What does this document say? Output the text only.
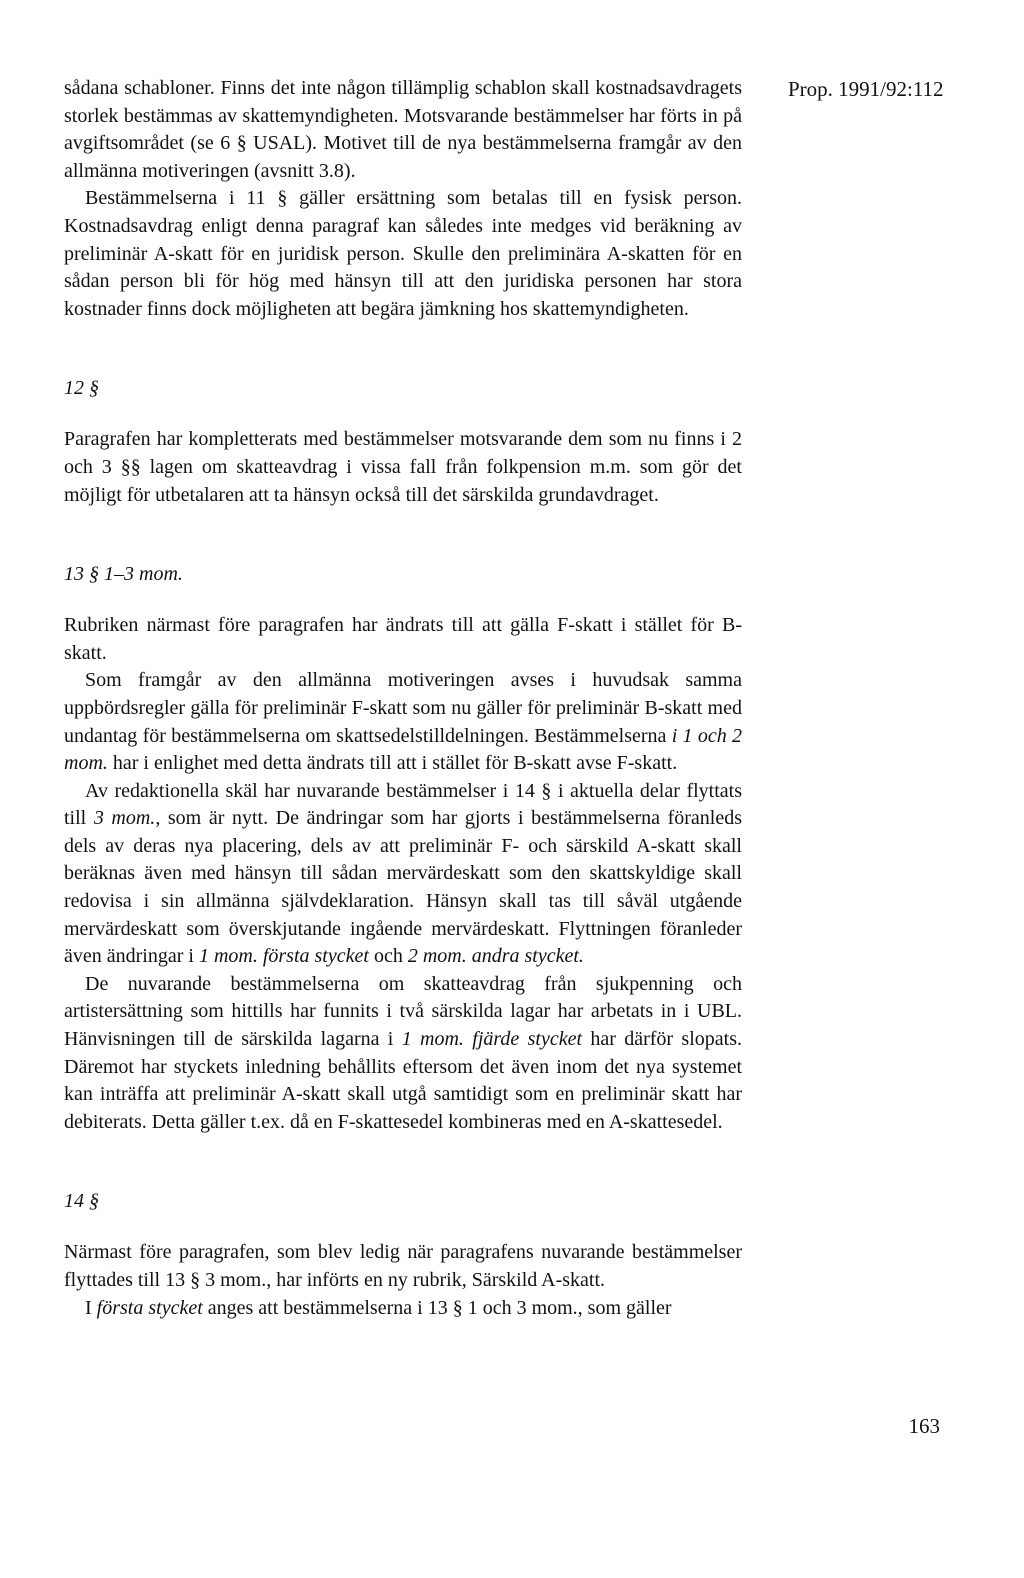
Prop. 1991/92:112

sådana schabloner. Finns det inte någon tillämplig schablon skall kostnadsavdragets storlek bestämmas av skattemyndigheten. Motsvarande bestämmelser har förts in på avgiftsområdet (se 6 § USAL). Motivet till de nya bestämmelserna framgår av den allmänna motiveringen (avsnitt 3.8).

Bestämmelserna i 11 § gäller ersättning som betalas till en fysisk person. Kostnadsavdrag enligt denna paragraf kan således inte medges vid beräkning av preliminär A-skatt för en juridisk person. Skulle den preliminära A-skatten för en sådan person bli för hög med hänsyn till att den juridiska personen har stora kostnader finns dock möjligheten att begära jämkning hos skattemyndigheten.

12 §

Paragrafen har kompletterats med bestämmelser motsvarande dem som nu finns i 2 och 3 §§ lagen om skatteavdrag i vissa fall från folkpension m.m. som gör det möjligt för utbetalaren att ta hänsyn också till det särskilda grundavdraget.

13 § 1–3 mom.

Rubriken närmast före paragrafen har ändrats till att gälla F-skatt i stället för B-skatt.

Som framgår av den allmänna motiveringen avses i huvudsak samma uppbördsregler gälla för preliminär F-skatt som nu gäller för preliminär B-skatt med undantag för bestämmelserna om skattsedelstilldelningen. Bestämmelserna i 1 och 2 mom. har i enlighet med detta ändrats till att i stället för B-skatt avse F-skatt.

Av redaktionella skäl har nuvarande bestämmelser i 14 § i aktuella delar flyttats till 3 mom., som är nytt. De ändringar som har gjorts i bestämmelserna föranleds dels av deras nya placering, dels av att preliminär F- och särskild A-skatt skall beräknas även med hänsyn till sådan mervärdeskatt som den skattskyldige skall redovisa i sin allmänna självdeklaration. Hänsyn skall tas till såväl utgående mervärdeskatt som överskjutande ingående mervärdeskatt. Flyttningen föranleder även ändringar i 1 mom. första stycket och 2 mom. andra stycket.

De nuvarande bestämmelserna om skatteavdrag från sjukpenning och artistersättning som hittills har funnits i två särskilda lagar har arbetats in i UBL. Hänvisningen till de särskilda lagarna i 1 mom. fjärde stycket har därför slopats. Däremot har styckets inledning behållits eftersom det även inom det nya systemet kan inträffa att preliminär A-skatt skall utgå samtidigt som en preliminär skatt har debiterats. Detta gäller t.ex. då en F-skattesedel kombineras med en A-skattesedel.

14 §

Närmast före paragrafen, som blev ledig när paragrafens nuvarande bestämmelser flyttades till 13 § 3 mom., har införts en ny rubrik, Särskild A-skatt.

I första stycket anges att bestämmelserna i 13 § 1 och 3 mom., som gäller

163
